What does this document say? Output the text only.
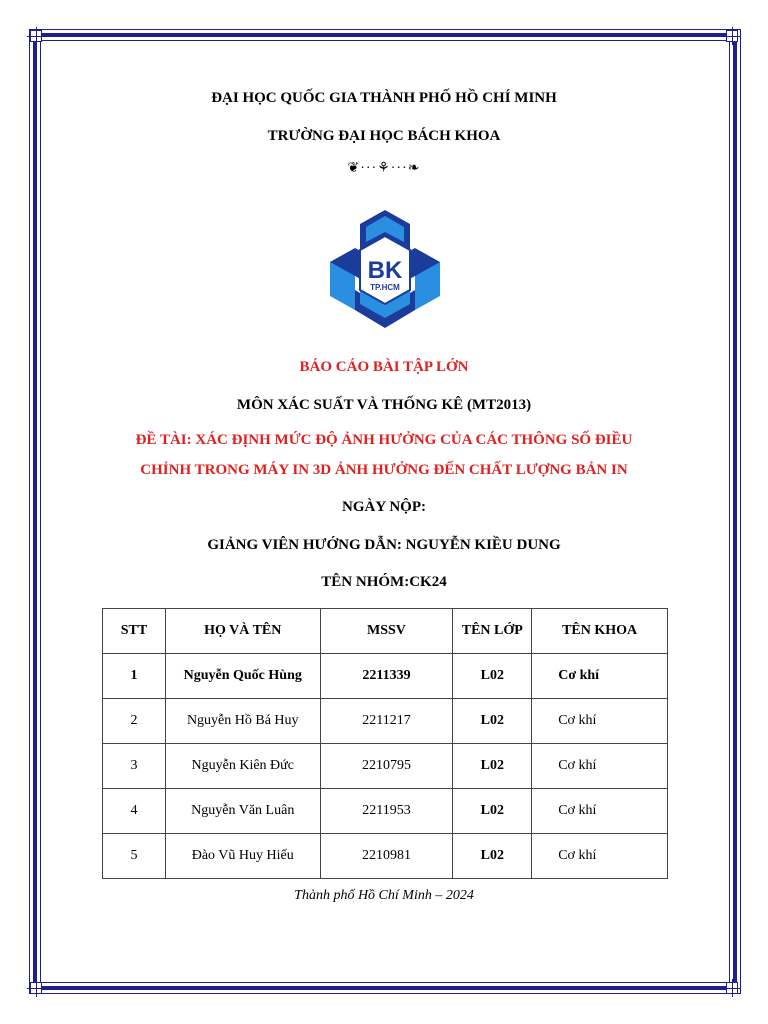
ĐẠI HỌC QUỐC GIA THÀNH PHỐ HỒ CHÍ MINH
TRƯỜNG ĐẠI HỌC BÁCH KHOA
❦···⚘···❧
BK
TP.HCM
BÁO CÁO BÀI TẬP LỚN
MÔN XÁC SUẤT VÀ THỐNG KÊ (MT2013)
ĐỀ TÀI: XÁC ĐỊNH MỨC ĐỘ ẢNH HƯỞNG CỦA CÁC THÔNG SỐ ĐIỀU
CHỈNH TRONG MÁY IN 3D ẢNH HƯỞNG ĐẾN CHẤT LƯỢNG BẢN IN
NGÀY NỘP:
GIẢNG VIÊN HƯỚNG DẪN: NGUYỄN KIỀU DUNG
TÊN NHÓM:CK24
STT	HỌ VÀ TÊN	MSSV	TÊN LỚP	TÊN KHOA
1	Nguyễn Quốc Hùng	2211339	L02	Cơ khí
2	Nguyễn Hồ Bá Huy	2211217	L02	Cơ khí
3	Nguyễn Kiên Đức	2210795	L02	Cơ khí
4	Nguyễn Văn Luân	2211953	L02	Cơ khí
5	Đào Vũ Huy Hiếu	2210981	L02	Cơ khí
Thành phố Hồ Chí Minh – 2024
